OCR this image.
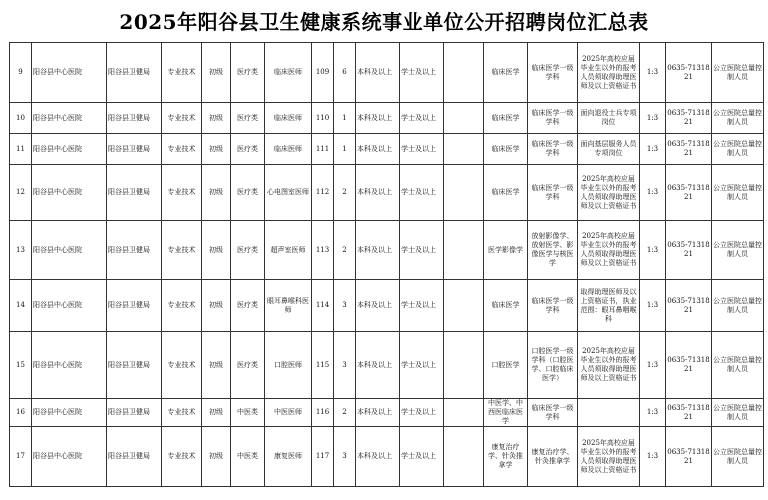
2025年阳谷县卫生健康系统事业单位公开招聘岗位汇总表
9	阳谷县中心医院	阳谷县卫健局	专业技术	初级	医疗类	临床医师	109	6	本科及以上	学士及以上		临床医学	临床医学一级学科	2025年高校应届毕业生以外的报考人员须取得助理医师及以上资格证书	1:3	0635-7131821	公立医院总量控制人员
10	阳谷县中心医院	阳谷县卫健局	专业技术	初级	医疗类	临床医师	110	1	本科及以上	学士及以上		临床医学	临床医学一级学科	面向退役士兵专项岗位	1:3	0635-7131821	公立医院总量控制人员
11	阳谷县中心医院	阳谷县卫健局	专业技术	初级	医疗类	临床医师	111	1	本科及以上	学士及以上		临床医学	临床医学一级学科	面向基层服务人员专项岗位	1:3	0635-7131821	公立医院总量控制人员
12	阳谷县中心医院	阳谷县卫健局	专业技术	初级	医疗类	心电图室医师	112	2	本科及以上	学士及以上		临床医学	临床医学一级学科	2025年高校应届毕业生以外的报考人员须取得助理医师及以上资格证书	1:3	0635-7131821	公立医院总量控制人员
13	阳谷县中心医院	阳谷县卫健局	专业技术	初级	医疗类	超声室医师	113	2	本科及以上	学士及以上		医学影像学	放射影像学、放射医学、影像医学与核医学	2025年高校应届毕业生以外的报考人员须取得助理医师及以上资格证书	1:3	0635-7131821	公立医院总量控制人员
14	阳谷县中心医院	阳谷县卫健局	专业技术	初级	医疗类	眼耳鼻喉科医师	114	3	本科及以上	学士及以上		临床医学	临床医学一级学科	取得助理医师及以上资格证书，执业范围：眼耳鼻咽喉科	1:3	0635-7131821	公立医院总量控制人员
15	阳谷县中心医院	阳谷县卫健局	专业技术	初级	医疗类	口腔医师	115	3	本科及以上	学士及以上		口腔医学	口腔医学一级学科（口腔医学、口腔临床医学）	2025年高校应届毕业生以外的报考人员须取得助理医师及以上资格证书	1:3	0635-7131821	公立医院总量控制人员
16	阳谷县中心医院	阳谷县卫健局	专业技术	初级	中医类	中医医师	116	2	本科及以上	学士及以上		中医学、中西医临床医学	临床医学一级学科		1:3	0635-7131821	公立医院总量控制人员
17	阳谷县中心医院	阳谷县卫健局	专业技术	初级	中医类	康复医师	117	3	本科及以上	学士及以上		康复治疗学、针灸推拿学	康复治疗学、针灸推拿学	2025年高校应届毕业生以外的报考人员须取得助理医师及以上资格证书	1:3	0635-7131821	公立医院总量控制人员
